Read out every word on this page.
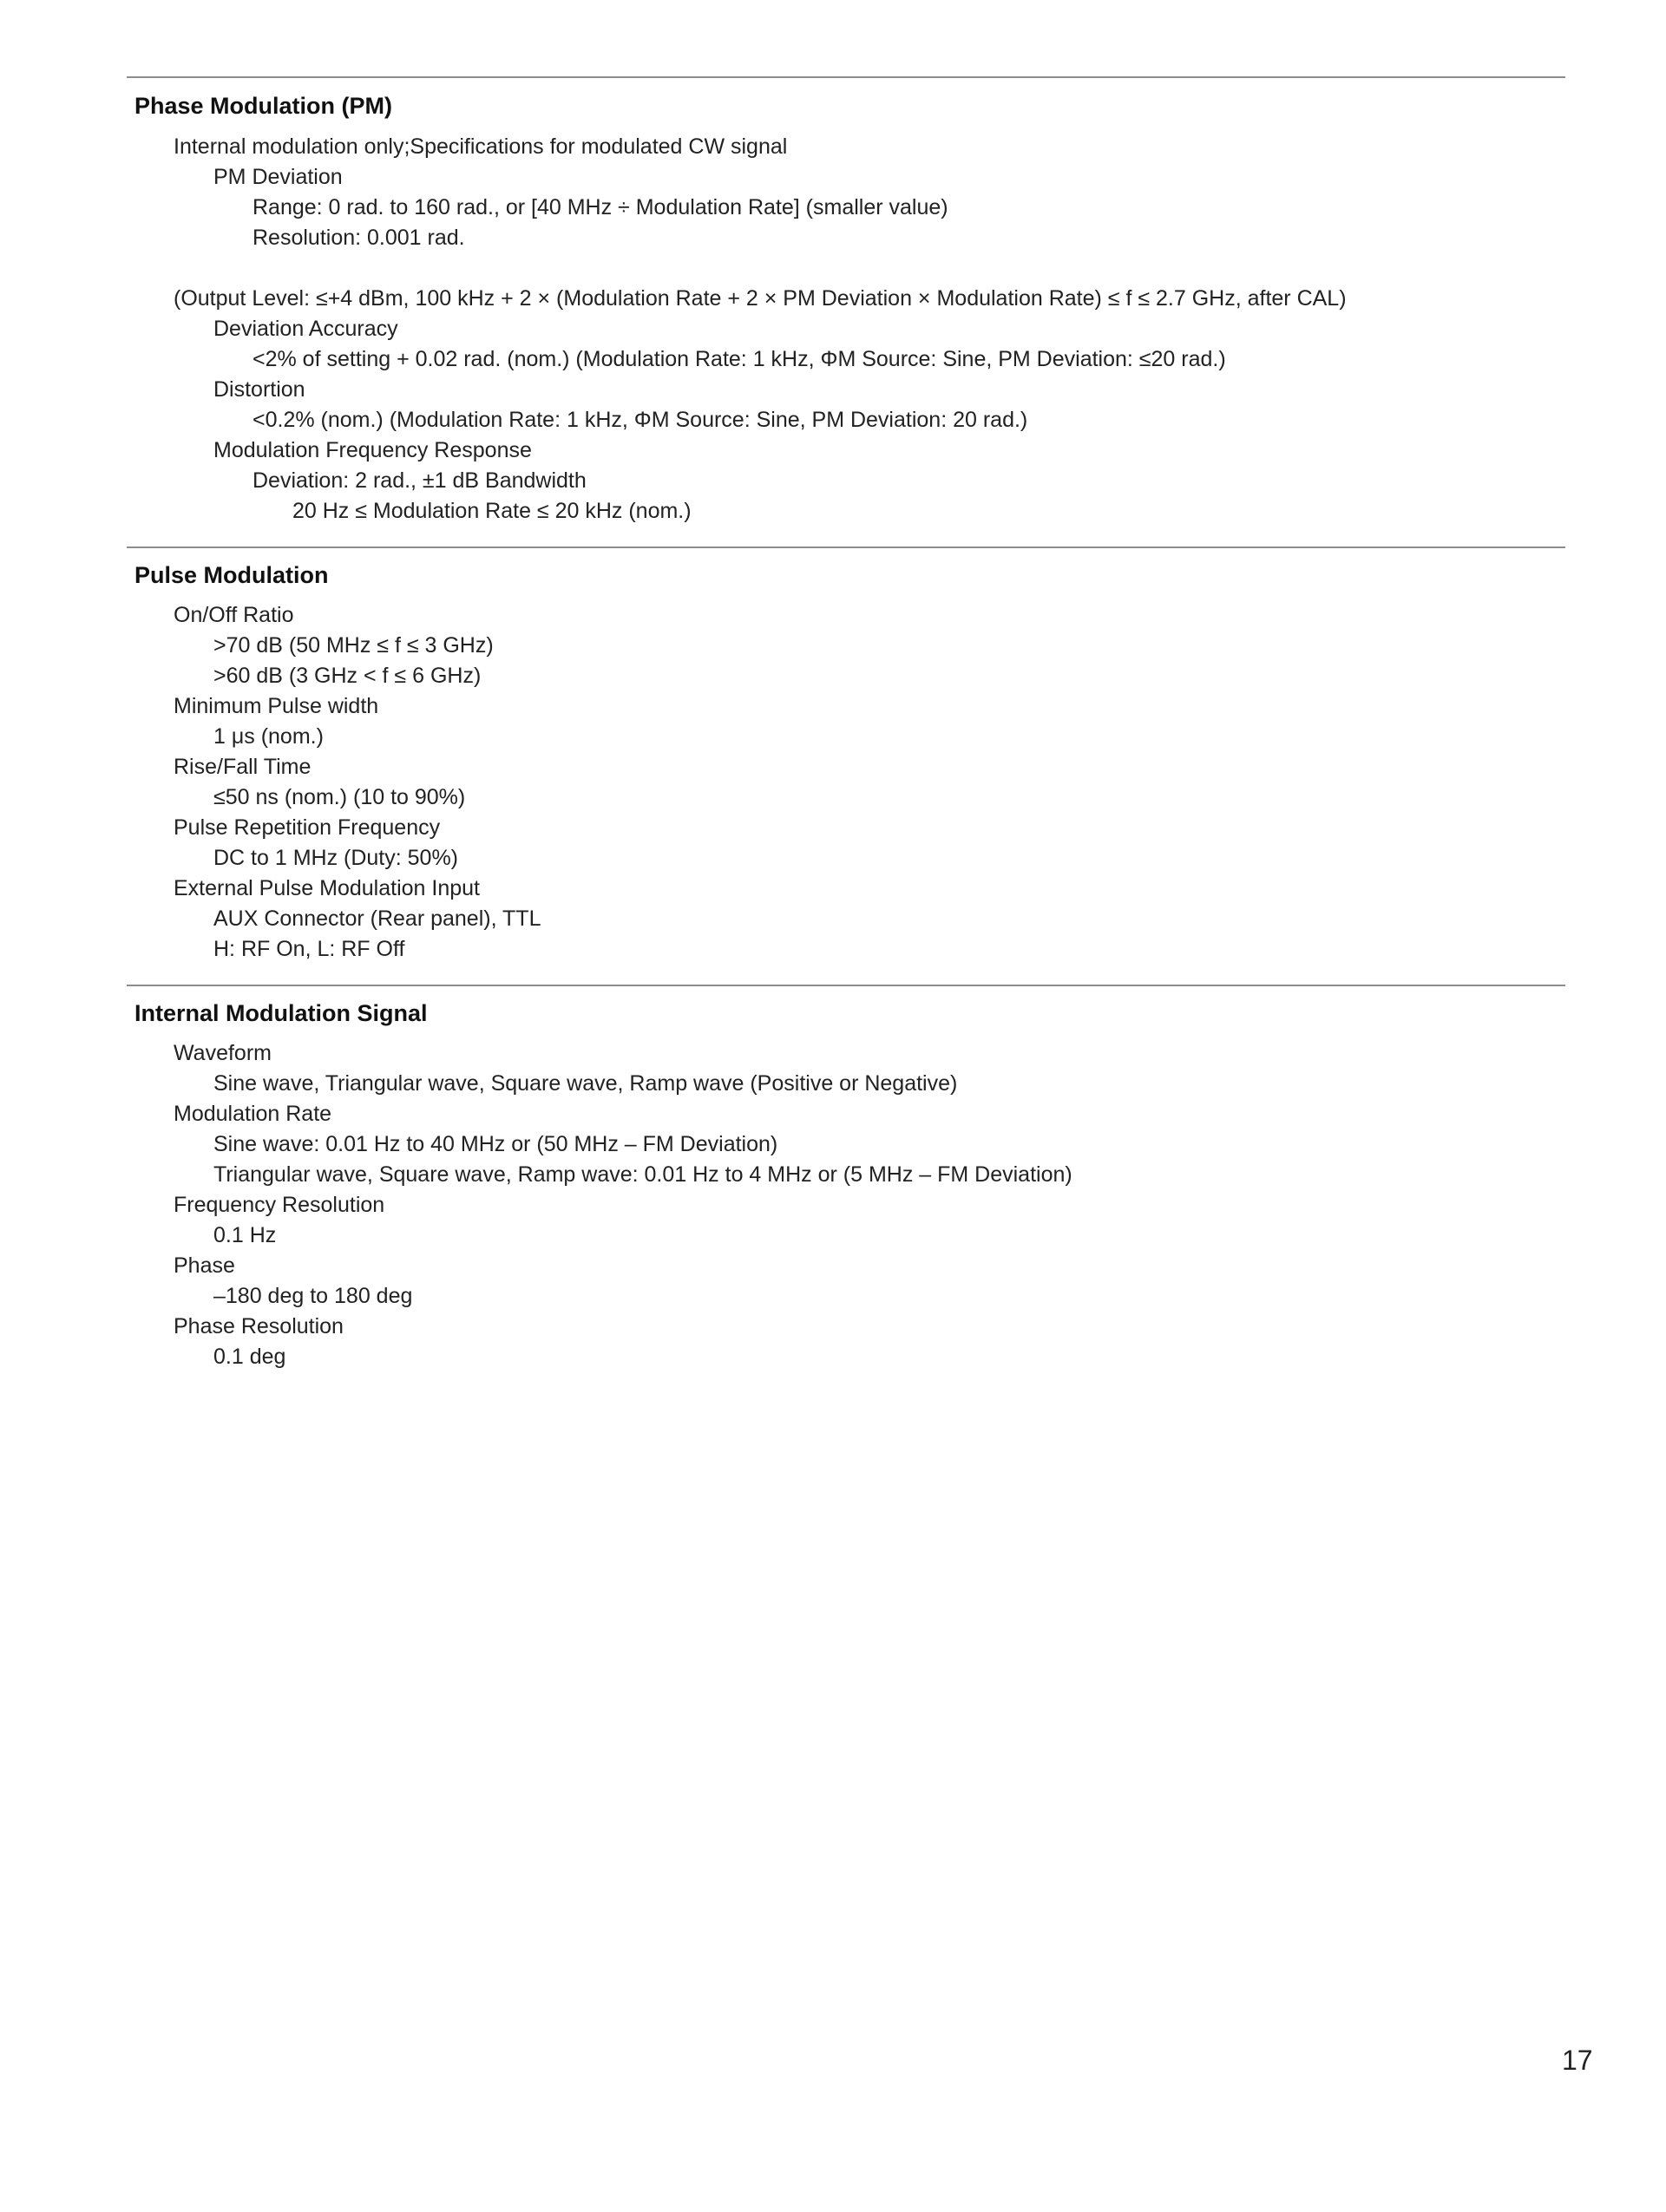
Phase Modulation (PM)
Internal modulation only;Specifications for modulated CW signal
PM Deviation
Range: 0 rad. to 160 rad., or [40 MHz ÷ Modulation Rate] (smaller value)
Resolution: 0.001 rad.
(Output Level: ≤+4 dBm, 100 kHz + 2 × (Modulation Rate + 2 × PM Deviation × Modulation Rate) ≤ f ≤ 2.7 GHz, after CAL)
Deviation Accuracy
<2% of setting + 0.02 rad. (nom.) (Modulation Rate: 1 kHz, ΦM Source: Sine, PM Deviation: ≤20 rad.)
Distortion
<0.2% (nom.) (Modulation Rate: 1 kHz, ΦM Source: Sine, PM Deviation: 20 rad.)
Modulation Frequency Response
Deviation: 2 rad., ±1 dB Bandwidth
20 Hz ≤ Modulation Rate ≤ 20 kHz (nom.)
Pulse Modulation
On/Off Ratio
>70 dB (50 MHz ≤ f ≤ 3 GHz)
>60 dB (3 GHz < f ≤ 6 GHz)
Minimum Pulse width
1 μs (nom.)
Rise/Fall Time
≤50 ns (nom.) (10 to 90%)
Pulse Repetition Frequency
DC to 1 MHz (Duty: 50%)
External Pulse Modulation Input
AUX Connector (Rear panel), TTL
H: RF On, L: RF Off
Internal Modulation Signal
Waveform
Sine wave, Triangular wave, Square wave, Ramp wave (Positive or Negative)
Modulation Rate
Sine wave: 0.01 Hz to 40 MHz or (50 MHz – FM Deviation)
Triangular wave, Square wave, Ramp wave: 0.01 Hz to 4 MHz or (5 MHz – FM Deviation)
Frequency Resolution
0.1 Hz
Phase
–180 deg to 180 deg
Phase Resolution
0.1 deg
17
